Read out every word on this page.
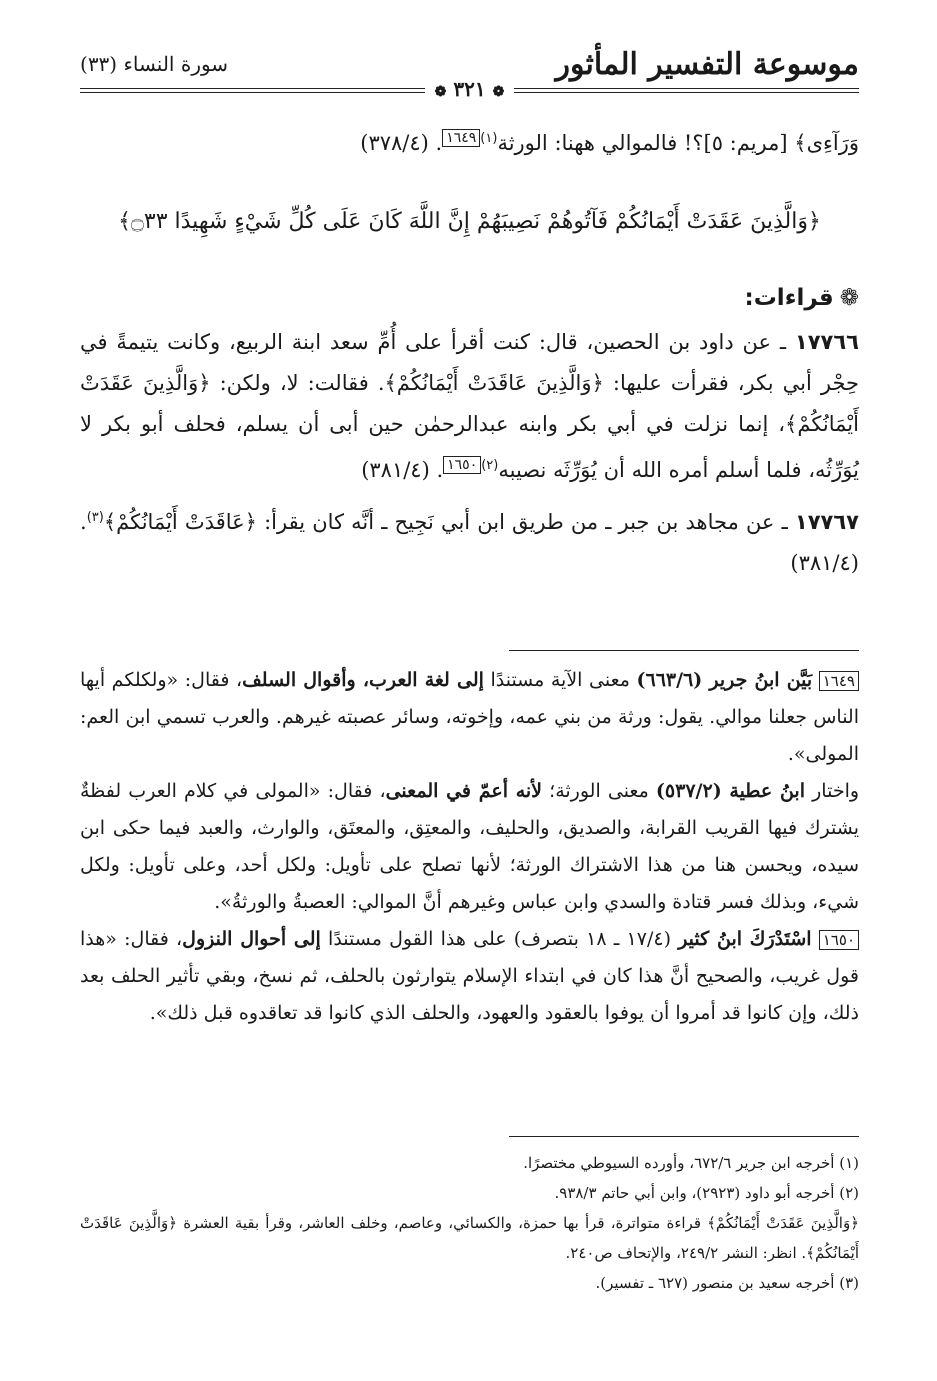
موسوعة التفسير المأثور
سورة النساء (٣٣)
❁ ٣٢١ ❁

وَرَآءِى﴾ [مريم: ٥]؟! فالموالي ههنا: الورثة$^{(١)}$١٦٤٩. (٣٧٨/٤)

﴿وَالَّذِينَ عَقَدَتْ أَيْمَانُكُمْ فَآتُوهُمْ نَصِيبَهُمْ إِنَّ اللَّهَ كَانَ عَلَى كُلِّ شَيْءٍ شَهِيدًا ۝٣٣﴾

❁قراءات:

١٧٧٦٦ ـ عن داود بن الحصين، قال: كنت أقرأ على أُمِّ سعد ابنة الربيع، وكانت يتيمةً في حِجْر أبي بكر، فقرأت عليها: ﴿وَالَّذِينَ عَاقَدَتْ أَيْمَانُكُمْ﴾. فقالت: لا، ولكن: ﴿وَالَّذِينَ عَقَدَتْ أَيْمَانُكُمْ﴾، إنما نزلت في أبي بكر وابنه عبدالرحمٰن حين أبى أن يسلم، فحلف أبو بكر لا يُوَرِّثُه، فلما أسلم أمره الله أن يُوَرِّثَه نصيبه$^{(٢)}$١٦٥٠. (٣٨١/٤)

١٧٧٦٧ ـ عن مجاهد بن جبر ـ من طريق ابن أبي نَجِيح ـ أنَّه كان يقرأ: ﴿عَاقَدَتْ أَيْمَانُكُمْ﴾$^{(٣)}$. (٣٨١/٤)

١٦٤٩ بَيَّن ابنُ جرير (٦٦٣/٦) معنى الآية مستندًا إلى لغة العرب، وأقوال السلف، فقال: «ولكلكم أيها الناس جعلنا موالي. يقول: ورثة من بني عمه، وإخوته، وسائر عصبته غيرهم. والعرب تسمي ابن العم: المولى».

واختار ابنُ عطية (٥٣٧/٢) معنى الورثة؛ لأنه أعمّ في المعنى، فقال: «المولى في كلام العرب لفظةٌ يشترك فيها القريب القرابة، والصديق، والحليف، والمعتِق، والمعتَق، والوارث، والعبد فيما حكى ابن سيده، ويحسن هنا من هذا الاشتراك الورثة؛ لأنها تصلح على تأويل: ولكل أحد، وعلى تأويل: ولكل شيء، وبذلك فسر قتادة والسدي وابن عباس وغيرهم أنَّ الموالي: العصبةُ والورثةُ».

١٦٥٠ اسْتَدْرَكَ ابنُ كثير (١٧/٤ ـ ١٨ بتصرف) على هذا القول مستندًا إلى أحوال النزول، فقال: «هذا قول غريب، والصحيح أنَّ هذا كان في ابتداء الإسلام يتوارثون بالحلف، ثم نسخ، وبقي تأثير الحلف بعد ذلك، وإن كانوا قد أمروا أن يوفوا بالعقود والعهود، والحلف الذي كانوا قد تعاقدوه قبل ذلك».

(١) أخرجه ابن جرير ٦٧٢/٦، وأورده السيوطي مختصرًا.

(٢) أخرجه أبو داود (٢٩٢٣)، وابن أبي حاتم ٩٣٨/٣.

﴿وَالَّذِينَ عَقَدَتْ أَيْمَانُكُمْ﴾ قراءة متواترة، قرأ بها حمزة، والكسائي، وعاصم، وخلف العاشر، وقرأ بقية العشرة ﴿وَالَّذِينَ عَاقَدَتْ أَيْمَانُكُمْ﴾. انظر: النشر ٢٤٩/٢، والإتحاف ص٢٤٠.

(٣) أخرجه سعيد بن منصور (٦٢٧ ـ تفسير).
